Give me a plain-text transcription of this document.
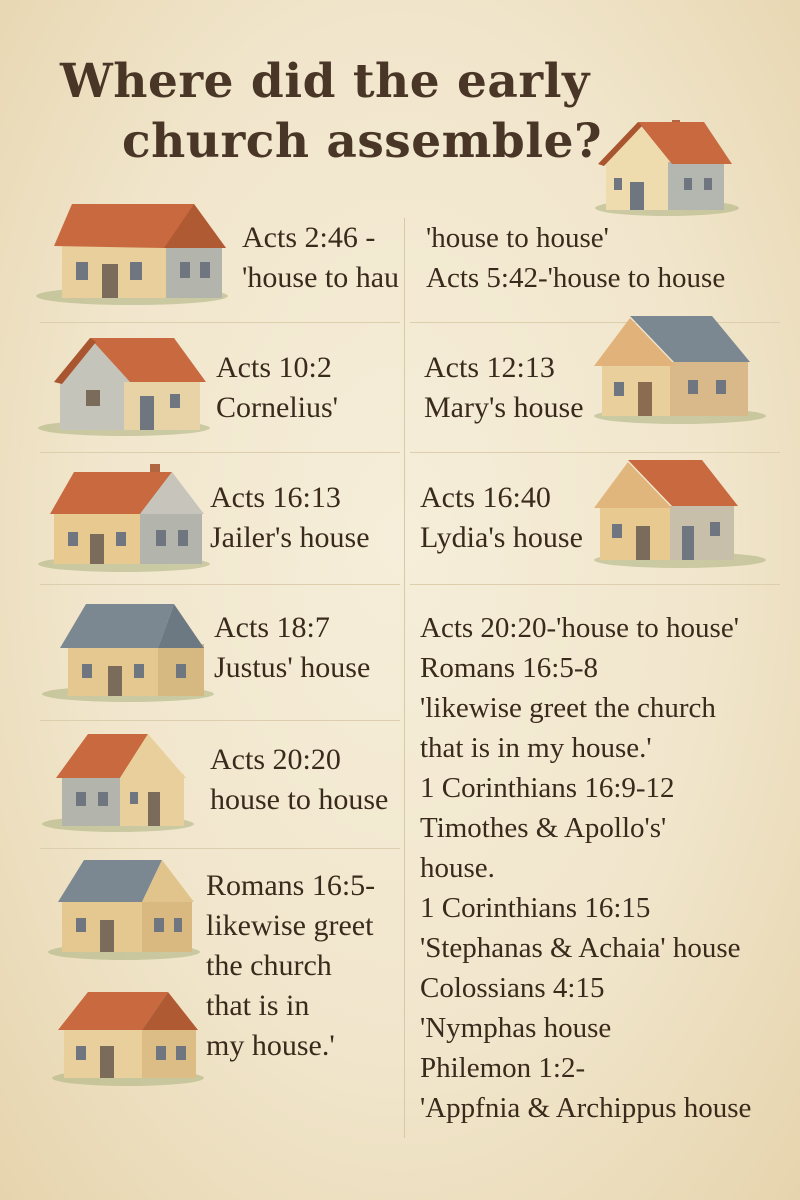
Where did the early
church assemble?
Acts 2:46 -
'house to hau
Acts 10:2
Cornelius'
Acts 16:13
Jailer's house
Acts 18:7
Justus' house
Acts 20:20
house to house
Romans 16:5-
likewise greet
the church
that is in
my house.'
'house to house'
Acts 5:42-'house to house
Acts 12:13
Mary's house
Acts 16:40
Lydia's house
Acts 20:20-'house to house'
Romans 16:5-8
'likewise greet the church
that is in my house.'
1 Corinthians 16:9-12
Timothes & Apollo's'
house.
1 Corinthians 16:15
'Stephanas & Achaia' house
Colossians 4:15
'Nymphas house
Philemon 1:2-
'Appfnia & Archippus house
